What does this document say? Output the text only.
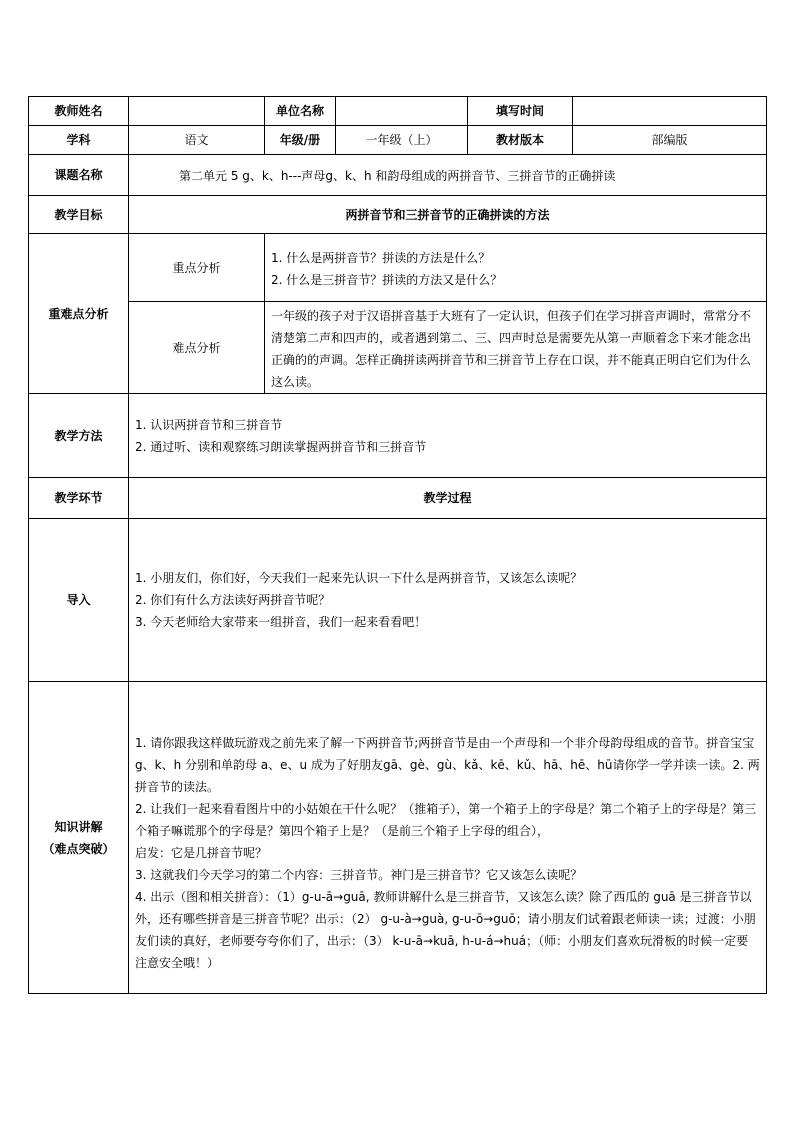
教师姓名		单位名称		填写时间	
学科	语文	年级/册	一年级（上）	教材版本	部编版
课题名称	第二单元 5 g、k、h---声母g、k、h 和韵母组成的两拼音节、三拼音节的正确拼读				
教学目标	两拼音节和三拼音节的正确拼读的方法				
重难点分析	重点分析	1. 什么是两拼音节？拼读的方法是什么？
2. 什么是三拼音节？拼读的方法又是什么？			

	难点分析	一年级的孩子对于汉语拼音基于大班有了一定认识，但孩子们在学习拼音声调时，常常分不清楚第二声和四声的，或者遇到第二、三、四声时总是需要先从第一声顺着念下来才能念出正确的的声调。怎样正确拼读两拼音节和三拼音节上存在口误，并不能真正明白它们为什么这么读。			
教学方法	1. 认识两拼音节和三拼音节
2. 通过听、读和观察练习朗读掌握两拼音节和三拼音节				

教学环节	教学过程				
导入	1. 小朋友们，你们好，今天我们一起来先认识一下什么是两拼音节，又该怎么读呢？
2. 你们有什么方法读好两拼音节呢？
3. 今天老师给大家带来一组拼音，我们一起来看看吧！				

知识讲解
（难点突破）	1. 请你跟我这样做玩游戏之前先来了解一下两拼音节;两拼音节是由一个声母和一个非介母韵母组成的音节。拼音宝宝g、k、h 分别和单韵母 a、e、u 成为了好朋友gā、gè、gù、kǎ、kē、kǔ、hā、hē、hū请你学一学并读一读。2. 两拼音节的读法。
2. 让我们一起来看看图片中的小姑娘在干什么呢？（推箱子），第一个箱子上的字母是？第二个箱子上的字母是？第三个箱子嘛谎那个的字母是？第四个箱子上是？（是前三个箱子上字母的组合），
启发：它是几拼音节呢？
3. 这就我们今天学习的第二个内容：三拼音节。神门是三拼音节？它又该怎么读呢？
4. 出示（图和相关拼音）：（1）g-u-ā→guā, 教师讲解什么是三拼音节，又该怎么读？除了西瓜的 guā 是三拼音节以外，还有哪些拼音是三拼音节呢？出示：（2） g-u-à→guà, g-u-ō→guō；请小朋友们试着跟老师读一读；过渡：小朋友们读的真好，老师要夸夸你们了，出示：（3） k-u-ā→kuā, h-u-á→huá；（师：小朋友们喜欢玩滑板的时候一定要注意安全哦！）				
